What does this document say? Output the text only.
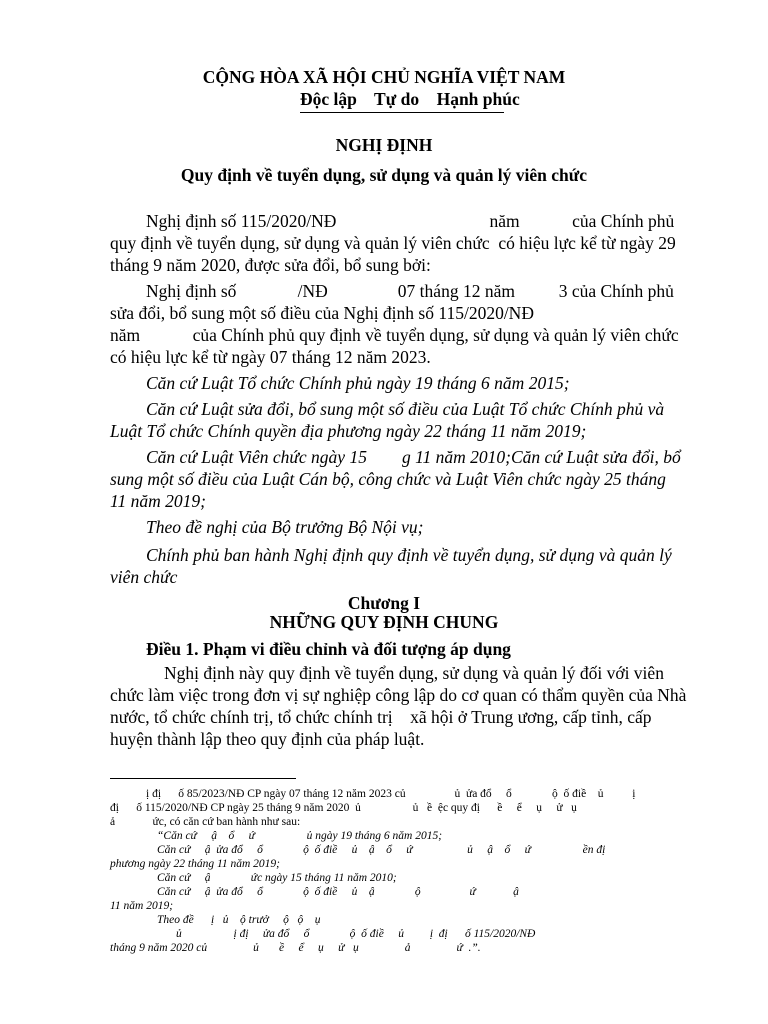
CỘNG HÒA XÃ HỘI CHỦ NGHĨA VIỆT NAM
Độc lập    Tự do    Hạnh phúc
NGHỊ ĐỊNH
Quy định về tuyển dụng, sử dụng và quản lý viên chức
Nghị định số 115/2020/NĐ                                   năm            của Chính phủ
quy định về tuyển dụng, sử dụng và quản lý viên chức  có hiệu lực kể từ ngày 29
tháng 9 năm 2020, được sửa đổi, bổ sung bởi:
Nghị định số              /NĐ                07 tháng 12 năm          3 của Chính phủ
sửa đổi, bổ sung một số điều của Nghị định số 115/2020/NĐ
năm            của Chính phủ quy định về tuyển dụng, sử dụng và quản lý viên chức
có hiệu lực kể từ ngày 07 tháng 12 năm 2023.
Căn cứ Luật Tổ chức Chính phủ ngày 19 tháng 6 năm 2015;
Căn cứ Luật sửa đổi, bổ sung một số điều của Luật Tổ chức Chính phủ và
Luật Tổ chức Chính quyền địa phương ngày 22 tháng 11 năm 2019;
Căn cứ Luật Viên chức ngày 15        g 11 năm 2010;Căn cứ Luật sửa đổi, bổ
sung một số điều của Luật Cán bộ, công chức và Luật Viên chức ngày 25 tháng
11 năm 2019;
Theo đề nghị của Bộ trưởng Bộ Nội vụ;
Chính phủ ban hành Nghị định quy định về tuyển dụng, sử dụng và quản lý
viên chức
Chương I
NHỮNG QUY ĐỊNH CHUNG
Điều 1. Phạm vi điều chỉnh và đối tượng áp dụng
Nghị định này quy định về tuyển dụng, sử dụng và quản lý đối với viên
chức làm việc trong đơn vị sự nghiệp công lập do cơ quan có thẩm quyền của Nhà
nước, tổ chức chính trị, tổ chức chính trị    xã hội ở Trung ương, cấp tỉnh, cấp
huyện thành lập theo quy định của pháp luật.
ị đị      ố 85/2023/NĐ CP ngày 07 tháng 12 năm 2023 củ                 ủ  ửa đổ     ổ              ộ  ố điề    ủ          ị
đị      ố 115/2020/NĐ CP ngày 25 tháng 9 năm 2020  ủ                  ủ   ề  ệc quy đị      ề     ể     ụ     ử   ụ
ả             ức, có căn cứ ban hành như sau:
“Căn cứ     ậ    ổ     ứ                  ủ ngày 19 tháng 6 năm 2015;
Căn cứ     ậ  ửa đổ     ổ              ộ  ố điề     ủ    ậ    ổ     ứ                   ủ     ậ    ổ     ứ                  ền đị
phương ngày 22 tháng 11 năm 2019;
Căn cứ     ậ              ức ngày 15 tháng 11 năm 2010;
Căn cứ     ậ  ửa đổ     ổ              ộ  ố điề     ủ    ậ              ộ                 ứ             ậ
11 năm 2019;
Theo đề      ị   ủ    ộ trưở     ộ   ộ    ụ
ủ                  ị đị     ửa đổ     ổ              ộ  ố điề     ủ         ị  đị      ố 115/2020/NĐ
tháng 9 năm 2020 củ                ủ       ề     ể     ụ     ử   ụ                ả                ứ  .”.
